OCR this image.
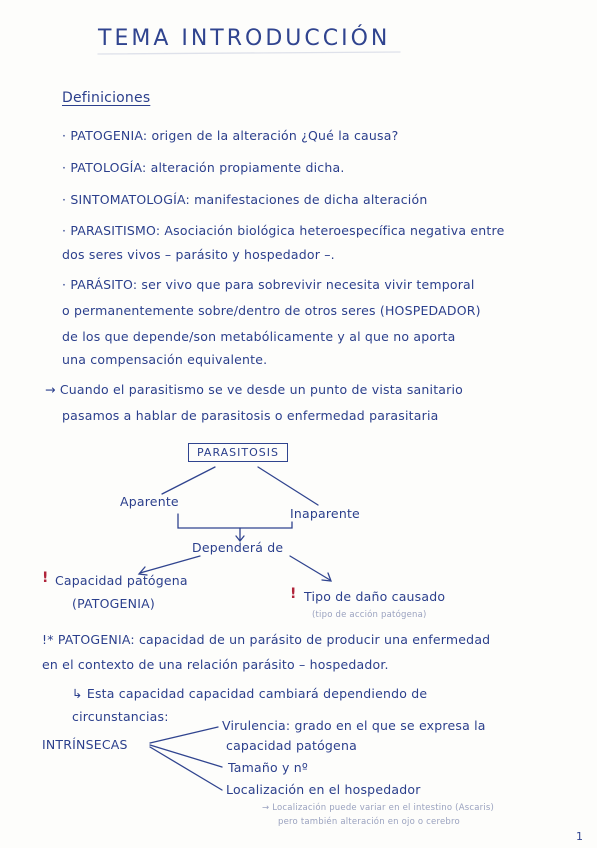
TEMA INTRODUCCIÓN
Definiciones
· PATOGENIA: origen de la alteración ¿Qué la causa?
· PATOLOGÍA: alteración propiamente dicha.
· SINTOMATOLOGÍA: manifestaciones de dicha alteración
· PARASITISMO: Asociación biológica heteroespecífica negativa entre
dos seres vivos – parásito y hospedador –.
· PARÁSITO: ser vivo que para sobrevivir necesita vivir temporal
o permanentemente sobre/dentro de otros seres (HOSPEDADOR)
de los que depende/son metabólicamente y al que no aporta
una compensación equivalente.
→ Cuando el parasitismo se ve desde un punto de vista sanitario
pasamos a hablar de parasitosis o enfermedad parasitaria
PARASITOSIS
Aparente
Inaparente
Dependerá de
! Capacidad patógena
(PATOGENIA)
! Tipo de daño causado
(tipo de acción patógena)
!* PATOGENIA: capacidad de un parásito de producir una enfermedad
en el contexto de una relación parásito – hospedador.
↳ Esta capacidad capacidad cambiará dependiendo de
circunstancias:
INTRÍNSECAS
Virulencia: grado en el que se expresa la
capacidad patógena
Tamaño y nº
Localización en el hospedador
→ Localización puede variar en el intestino (Ascaris)
pero también alteración en ojo o cerebro
1
